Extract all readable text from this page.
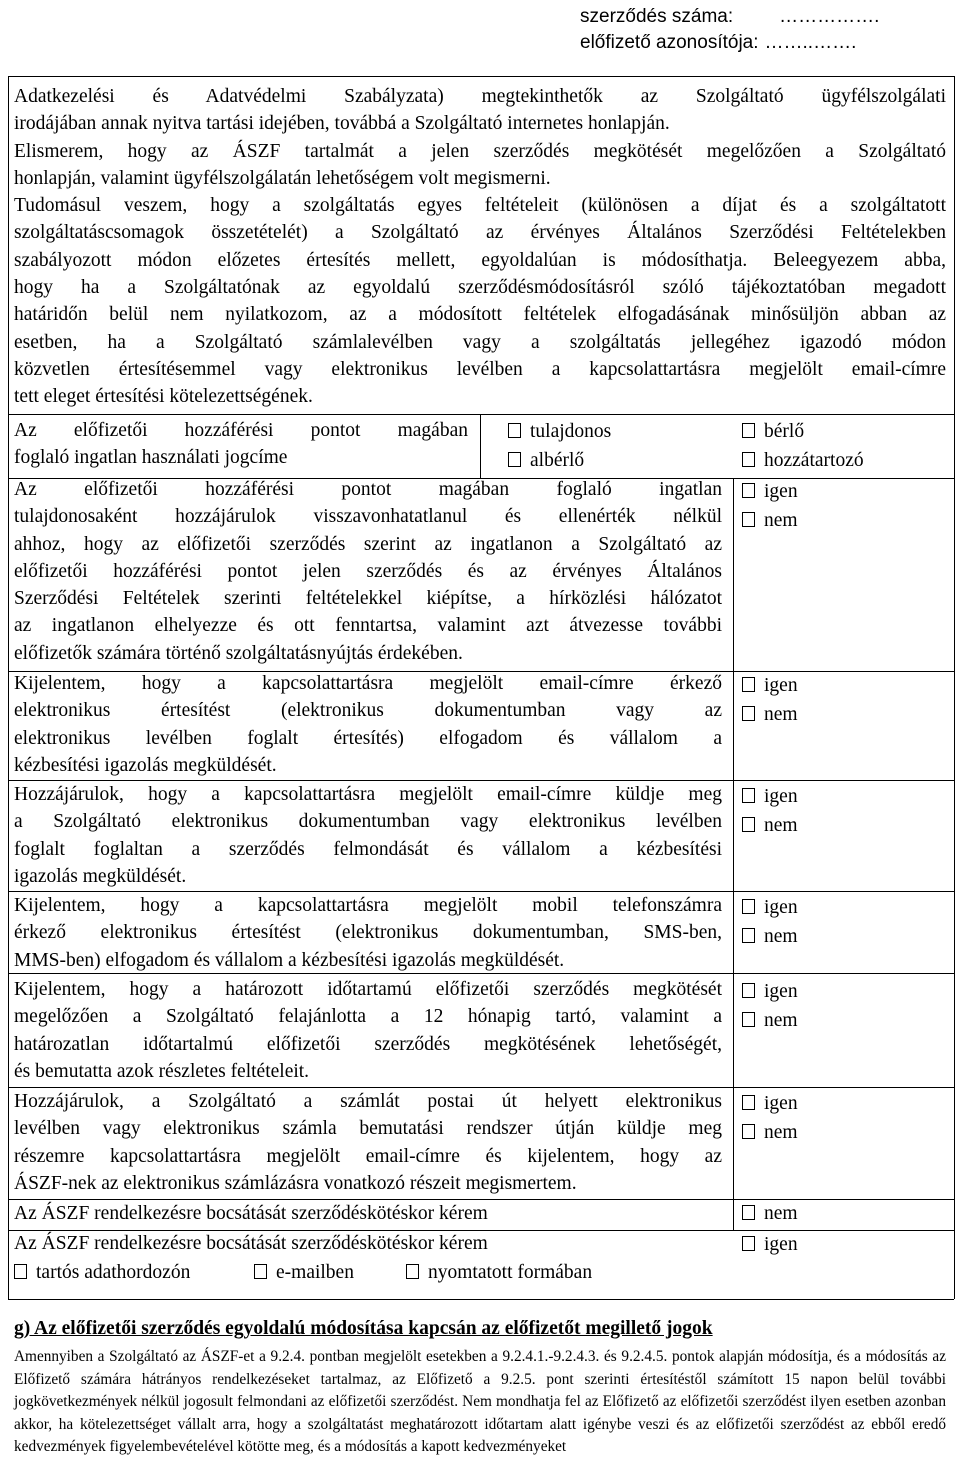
szerződés száma: …………….
előfizető azonosítója: ……..…….

Adatkezelési és Adatvédelmi Szabályzata) megtekinthetők az Szolgáltató ügyfélszolgálati

irodájában annak nyitva tartási idejében, továbbá a Szolgáltató internetes honlapján.

Elismerem, hogy az ÁSZF tartalmát a jelen szerződés megkötését megelőzően a Szolgáltató

honlapján, valamint ügyfélszolgálatán lehetőségem volt megismerni.

Tudomásul veszem, hogy a szolgáltatás egyes feltételeit (különösen a díjat és a szolgáltatott

szolgáltatáscsomagok összetételét) a Szolgáltató az érvényes Általános Szerződési Feltételekben

szabályozott módon előzetes értesítés mellett, egyoldalúan is módosíthatja. Beleegyezem abba,

hogy ha a Szolgáltatónak az egyoldalú szerződésmódosításról szóló tájékoztatóban megadott

határidőn belül nem nyilatkozom, az a módosított feltételek elfogadásának minősüljön abban az

esetben, ha a Szolgáltató számlalevélben vagy a szolgáltatás jellegéhez igazodó módon

közvetlen értesítésemmel vagy elektronikus levélben a kapcsolattartásra megjelölt email-címre

tett eleget értesítési kötelezettségének.

Az előfizetői hozzáférési pontot magában

foglaló ingatlan használati jogcíme

tulajdonos	bérlő
albérlő	hozzátartozó

Az előfizetői hozzáférési pontot magában foglaló ingatlan

tulajdonosaként hozzájárulok visszavonhatatlanul és ellenérték nélkül

ahhoz, hogy az előfizetői szerződés szerint az ingatlanon a Szolgáltató az

előfizetői hozzáférési pontot jelen szerződés és az érvényes Általános

Szerződési Feltételek szerinti feltételekkel kiépítse, a hírközlési hálózatot

az ingatlanon elhelyezze és ott fenntartsa, valamint azt átvezesse további

előfizetők számára történő szolgáltatásnyújtás érdekében.

igen
nem

Kijelentem, hogy a kapcsolattartásra megjelölt email-címre érkező

elektronikus értesítést (elektronikus dokumentumban vagy az

elektronikus levélben foglalt értesítés) elfogadom és vállalom a

kézbesítési igazolás megküldését.

igen
nem

Hozzájárulok, hogy a kapcsolattartásra megjelölt email-címre küldje meg

a Szolgáltató elektronikus dokumentumban vagy elektronikus levélben

foglalt foglaltan a szerződés felmondását és vállalom a kézbesítési

igazolás megküldését.

igen
nem

Kijelentem, hogy a kapcsolattartásra megjelölt mobil telefonszámra

érkező elektronikus értesítést (elektronikus dokumentumban, SMS-ben,

MMS-ben) elfogadom és vállalom a kézbesítési igazolás megküldését.

igen
nem

Kijelentem, hogy a határozott időtartamú előfizetői szerződés megkötését

megelőzően a Szolgáltató felajánlotta a 12 hónapig tartó, valamint a

határozatlan időtartalmú előfizetői szerződés megkötésének lehetőségét,

és bemutatta azok részletes feltételeit.

igen
nem

Hozzájárulok, a Szolgáltató a számlát postai út helyett elektronikus

levélben vagy elektronikus számla bemutatási rendszer útján küldje meg

részemre kapcsolattartásra megjelölt email-címre és kijelentem, hogy az

ÁSZF-nek az elektronikus számlázásra vonatkozó részeit megismertem.

igen
nem
Az ÁSZF rendelkezésre bocsátását szerződéskötéskor kérem	nem
Az ÁSZF rendelkezésre bocsátását szerződéskötéskor kérem	igen
tartós adathordozón	e-mailben	nyomtatott formában
g) Az előfizetői szerződés egyoldalú módosítása kapcsán az előfizetőt megillető jogok
Amennyiben a Szolgáltató az ÁSZF-et a 9.2.4. pontban megjelölt esetekben a 9.2.4.1.-9.2.4.3. és 9.2.4.5. pontok alapján módosítja, és a módosítás az Előfizető számára hátrányos rendelkezéseket tartalmaz, az Előfizető a 9.2.5. pont szerinti értesítéstől számított 15 napon belül további jogkövetkezmények nélkül jogosult felmondani az előfizetői szerződést. Nem mondhatja fel az Előfizető az előfizetői szerződést ilyen esetben azonban akkor, ha kötelezettséget vállalt arra, hogy a szolgáltatást meghatározott időtartam alatt igénybe veszi és az előfizetői szerződést az ebből eredő kedvezmények figyelembevételével kötötte meg, és a módosítás a kapott kedvezményeket
